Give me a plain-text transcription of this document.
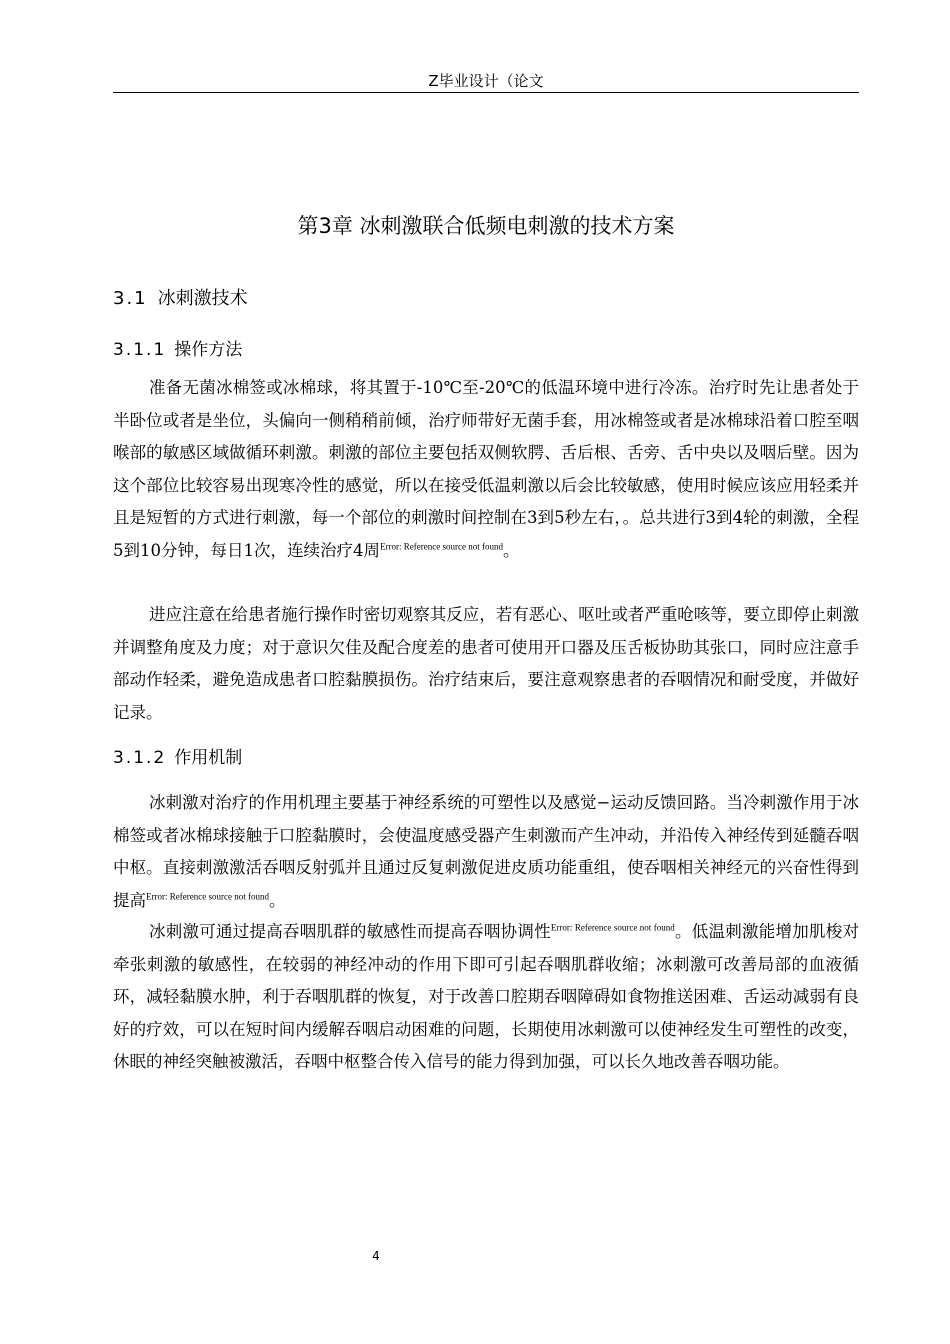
Z毕业设计（论文
第3章 冰刺激联合低频电刺激的技术方案
3.1 冰刺激技术
3.1.1 操作方法

准备无菌冰棉签或冰棉球，将其置于-10℃至-20℃的低温环境中进行冷冻。治疗时先让患者处于半卧位或者是坐位，头偏向一侧稍稍前倾，治疗师带好无菌手套，用冰棉签或者是冰棉球沿着口腔至咽喉部的敏感区域做循环刺激。刺激的部位主要包括双侧软腭、舌后根、舌旁、舌中央以及咽后壁。因为这个部位比较容易出现寒冷性的感觉，所以在接受低温刺激以后会比较敏感，使用时候应该应用轻柔并且是短暂的方式进行刺激，每一个部位的刺激时间控制在3到5秒左右，。总共进行3到4轮的刺激，全程5到10分钟，每日1次，连续治疗4周$^{Error: Reference source not found}$。

进应注意在给患者施行操作时密切观察其反应，若有恶心、呕吐或者严重呛咳等，要立即停止刺激并调整角度及力度；对于意识欠佳及配合度差的患者可使用开口器及压舌板协助其张口，同时应注意手部动作轻柔，避免造成患者口腔黏膜损伤。治疗结束后，要注意观察患者的吞咽情况和耐受度，并做好记录。

3.1.2 作用机制

冰刺激对治疗的作用机理主要基于神经系统的可塑性以及感觉−运动反馈回路。当冷刺激作用于冰棉签或者冰棉球接触于口腔黏膜时，会使温度感受器产生刺激而产生冲动，并沿传入神经传到延髓吞咽中枢。直接刺激激活吞咽反射弧并且通过反复刺激促进皮质功能重组，使吞咽相关神经元的兴奋性得到提高$^{Error: Reference source not found}$。

冰刺激可通过提高吞咽肌群的敏感性而提高吞咽协调性$^{Error: Reference source not found}$。低温刺激能增加肌梭对牵张刺激的敏感性，在较弱的神经冲动的作用下即可引起吞咽肌群收缩；冰刺激可改善局部的血液循环，减轻黏膜水肿，利于吞咽肌群的恢复，对于改善口腔期吞咽障碍如食物推送困难、舌运动减弱有良好的疗效，可以在短时间内缓解吞咽启动困难的问题，长期使用冰刺激可以使神经发生可塑性的改变，休眠的神经突触被激活，吞咽中枢整合传入信号的能力得到加强，可以长久地改善吞咽功能。

4
